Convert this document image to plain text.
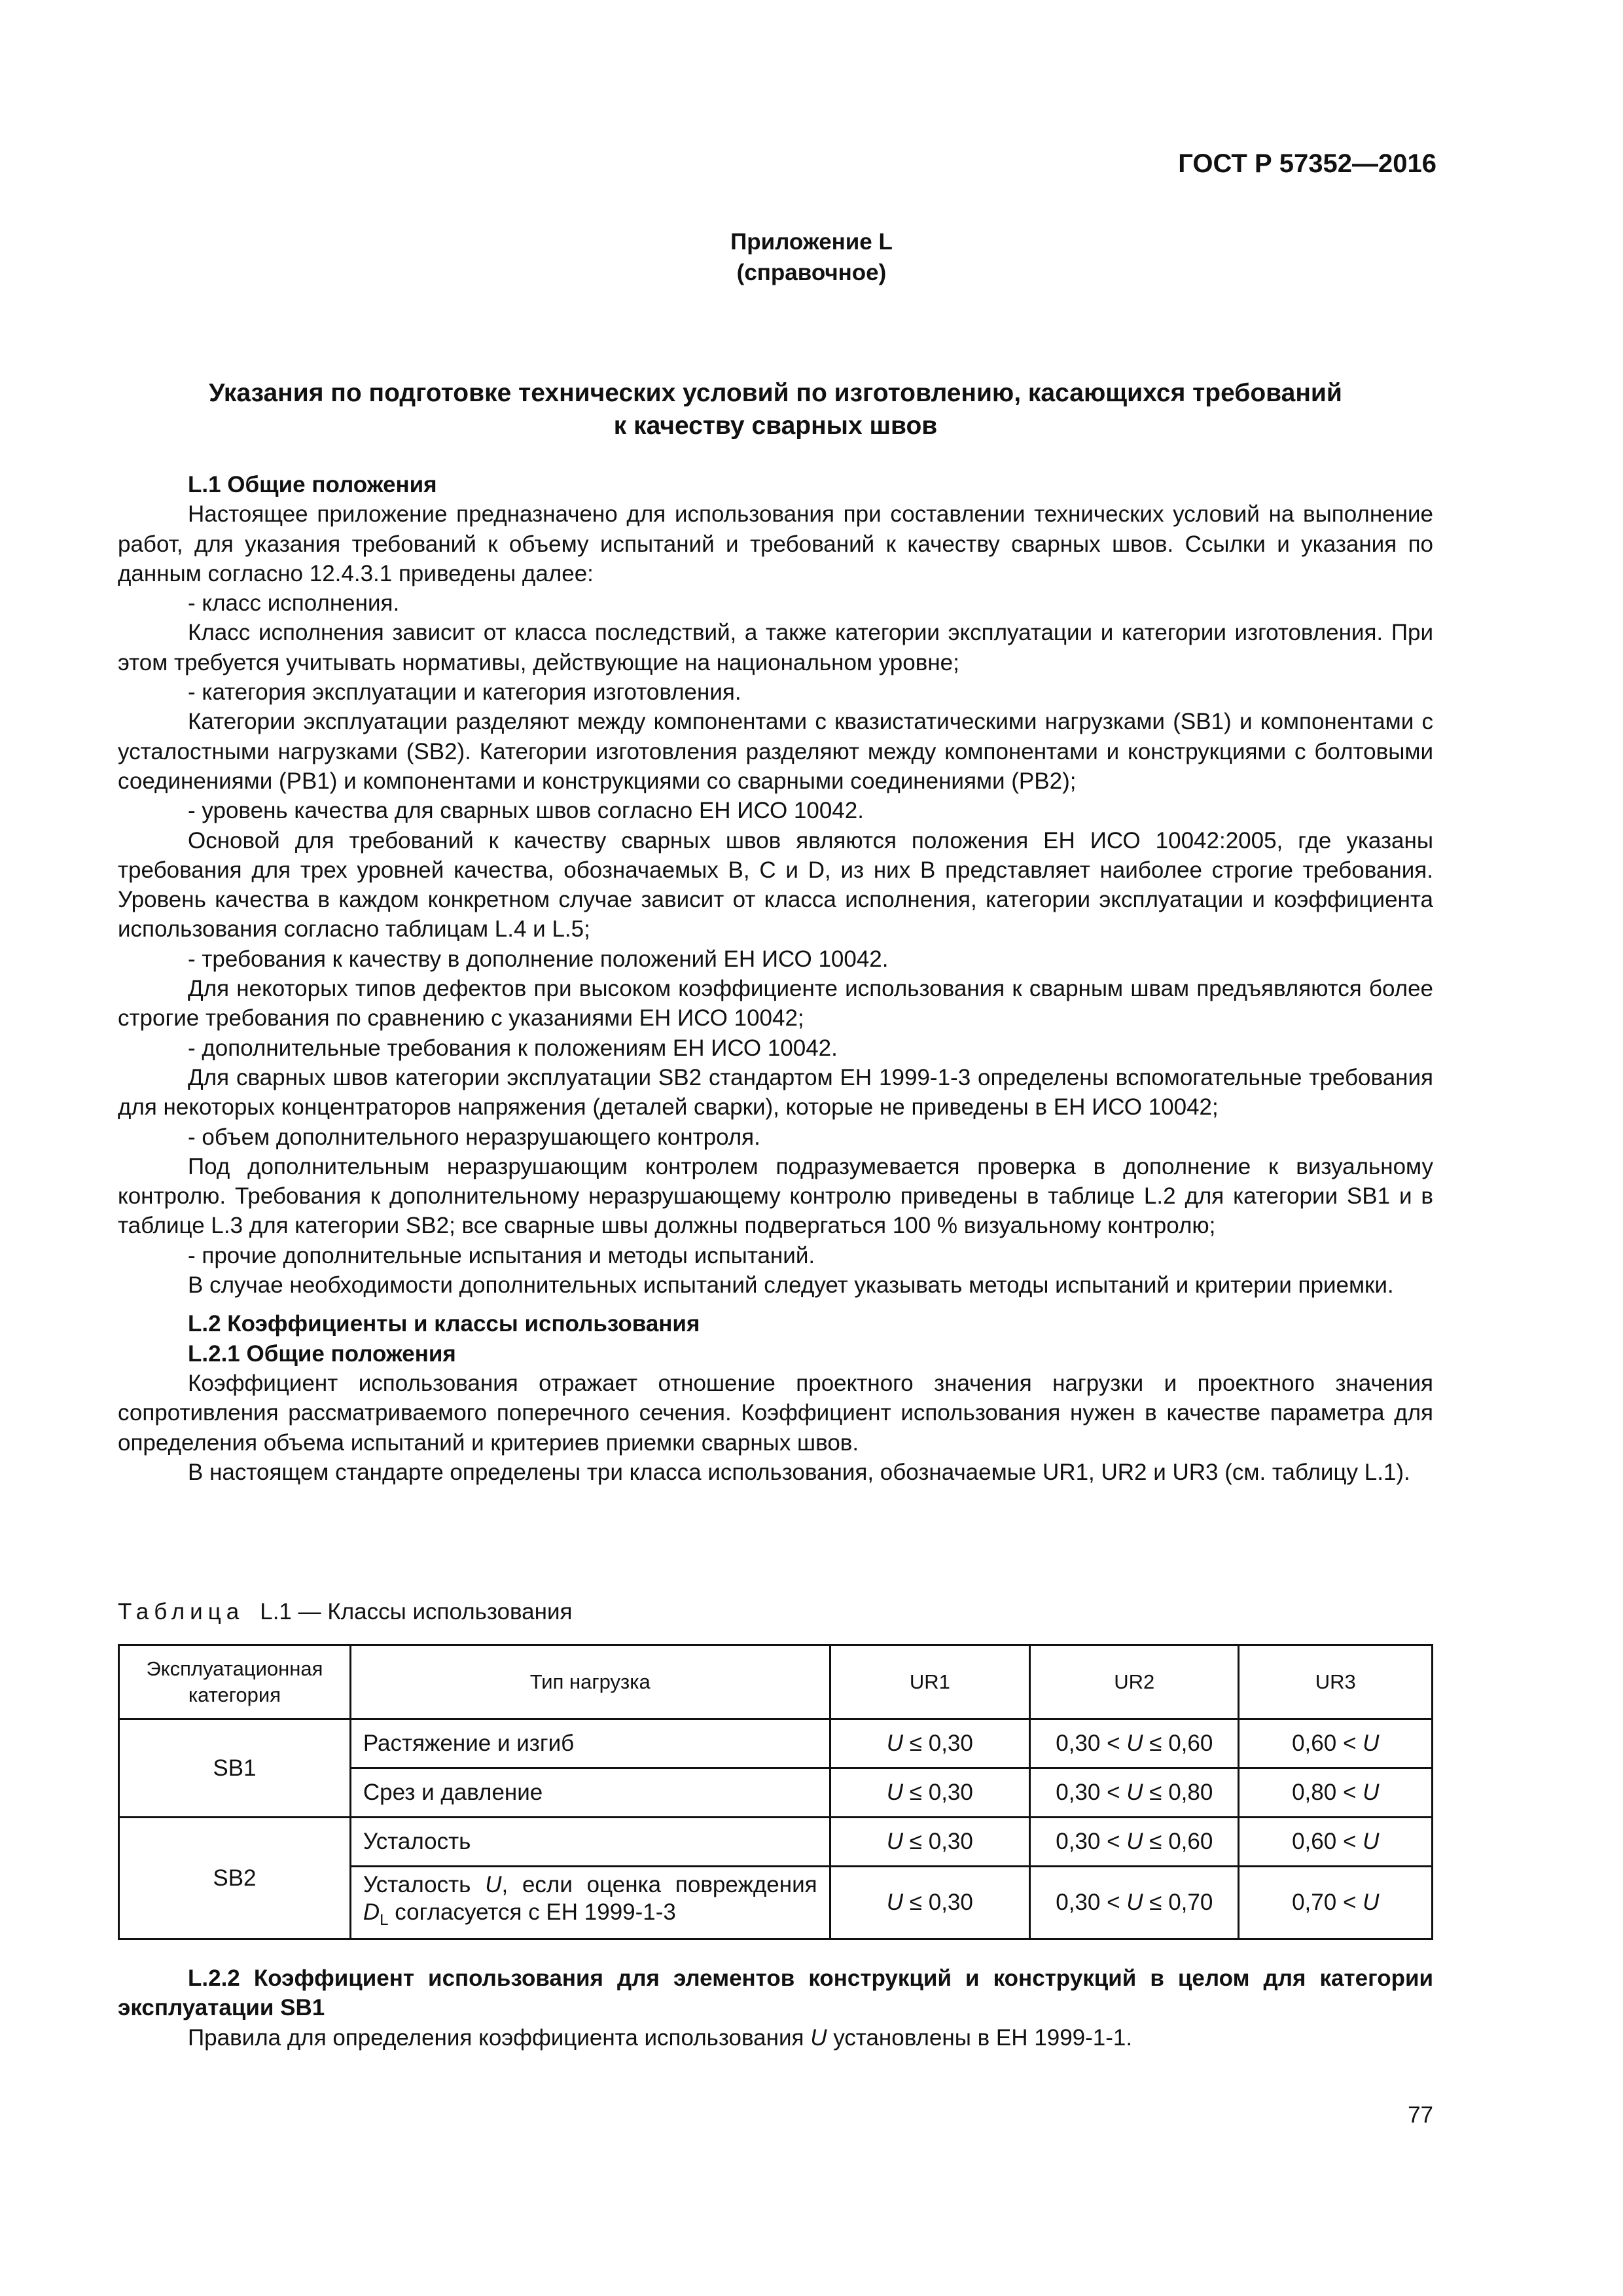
ГОСТ Р 57352—2016
Приложение L
(справочное)
Указания по подготовке технических условий по изготовлению, касающихся требований
к качеству сварных швов

L.1 Общие положения

Настоящее приложение предназначено для использования при составлении технических условий на выполнение работ, для указания требований к объему испытаний и требований к качеству сварных швов. Ссылки и указания по данным согласно 12.4.3.1 приведены далее:

- класс исполнения.

Класс исполнения зависит от класса последствий, а также категории эксплуатации и категории изготовления. При этом требуется учитывать нормативы, действующие на национальном уровне;

- категория эксплуатации и категория изготовления.

Категории эксплуатации разделяют между компонентами с квазистатическими нагрузками (SB1) и компонентами с усталостными нагрузками (SB2). Категории изготовления разделяют между компонентами и конструкциями с болтовыми соединениями (РВ1) и компонентами и конструкциями со сварными соединениями (РВ2);

- уровень качества для сварных швов согласно ЕН ИСО 10042.

Основой для требований к качеству сварных швов являются положения ЕН ИСО 10042:2005, где указаны требования для трех уровней качества, обозначаемых В, С и D, из них В представляет наиболее строгие требования. Уровень качества в каждом конкретном случае зависит от класса исполнения, категории эксплуатации и коэффициента использования согласно таблицам L.4 и L.5;

- требования к качеству в дополнение положений ЕН ИСО 10042.

Для некоторых типов дефектов при высоком коэффициенте использования к сварным швам предъявляются более строгие требования по сравнению с указаниями ЕН ИСО 10042;

- дополнительные требования к положениям ЕН ИСО 10042.

Для сварных швов категории эксплуатации SB2 стандартом ЕН 1999-1-3 определены вспомогательные требования для некоторых концентраторов напряжения (деталей сварки), которые не приведены в ЕН ИСО 10042;

- объем дополнительного неразрушающего контроля.

Под дополнительным неразрушающим контролем подразумевается проверка в дополнение к визуальному контролю. Требования к дополнительному неразрушающему контролю приведены в таблице L.2 для категории SB1 и в таблице L.3 для категории SB2; все сварные швы должны подвергаться 100 % визуальному контролю;

- прочие дополнительные испытания и методы испытаний.

В случае необходимости дополнительных испытаний следует указывать методы испытаний и критерии приемки.

L.2 Коэффициенты и классы использования

L.2.1 Общие положения

Коэффициент использования отражает отношение проектного значения нагрузки и проектного значения сопротивления рассматриваемого поперечного сечения. Коэффициент использования нужен в качестве параметра для определения объема испытаний и критериев приемки сварных швов.

В настоящем стандарте определены три класса использования, обозначаемые UR1, UR2 и UR3 (см. таблицу L.1).

Таблица L.1 — Классы использования
Эксплуатационная категория	Тип нагрузка	UR1	UR2	UR3
SB1	Растяжение и изгиб	U ≤ 0,30	0,30 < U ≤ 0,60	0,60 < U
	Срез и давление	U ≤ 0,30	0,30 < U ≤ 0,80	0,80 < U
SB2	Усталость	U ≤ 0,30	0,30 < U ≤ 0,60	0,60 < U
	Усталость U, если оценка повреждения $D_L$ согласуется с ЕН 1999-1-3	U ≤ 0,30	0,30 < U ≤ 0,70	0,70 < U

L.2.2 Коэффициент использования для элементов конструкций и конструкций в целом для категории эксплуатации SB1

Правила для определения коэффициента использования U установлены в ЕН 1999-1-1.

77
